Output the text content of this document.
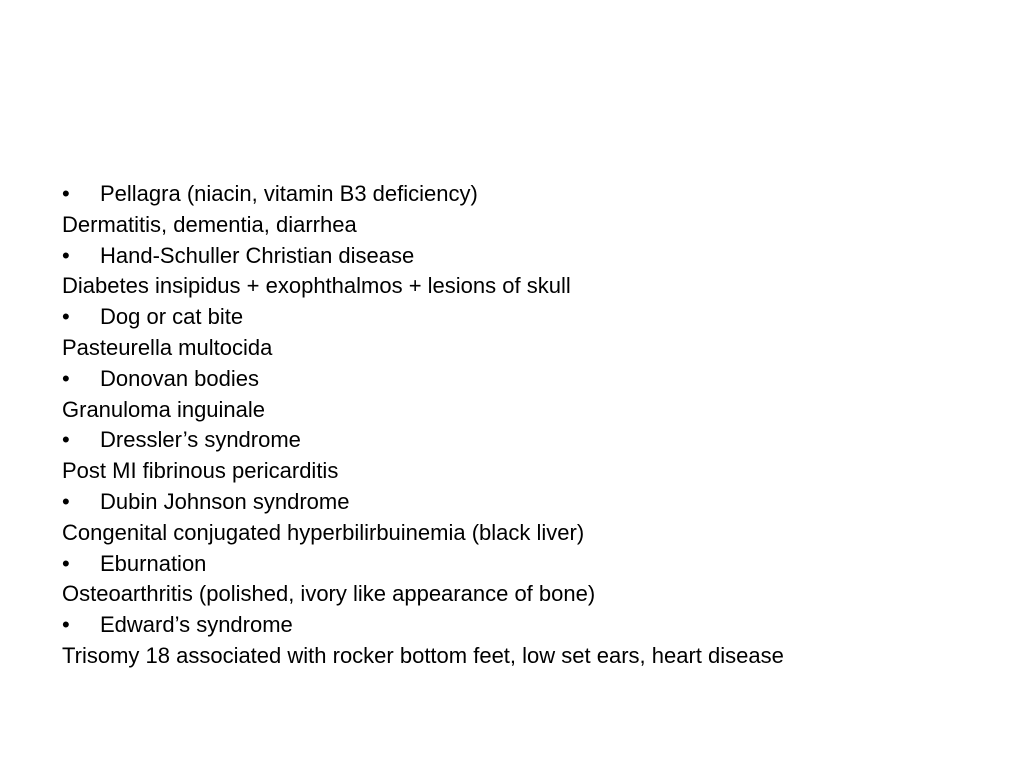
•	Pellagra (niacin, vitamin B3 deficiency)
Dermatitis, dementia, diarrhea
•	Hand-Schuller Christian disease
Diabetes insipidus + exophthalmos + lesions of skull
•	Dog or cat bite
Pasteurella multocida
•	Donovan bodies
Granuloma inguinale
•	Dressler’s syndrome
Post MI fibrinous pericarditis
•	Dubin Johnson syndrome
Congenital conjugated hyperbilirbuinemia (black liver)
•	Eburnation
Osteoarthritis (polished, ivory like appearance of bone)
•	Edward’s syndrome
Trisomy 18 associated with rocker bottom feet, low set ears, heart disease
